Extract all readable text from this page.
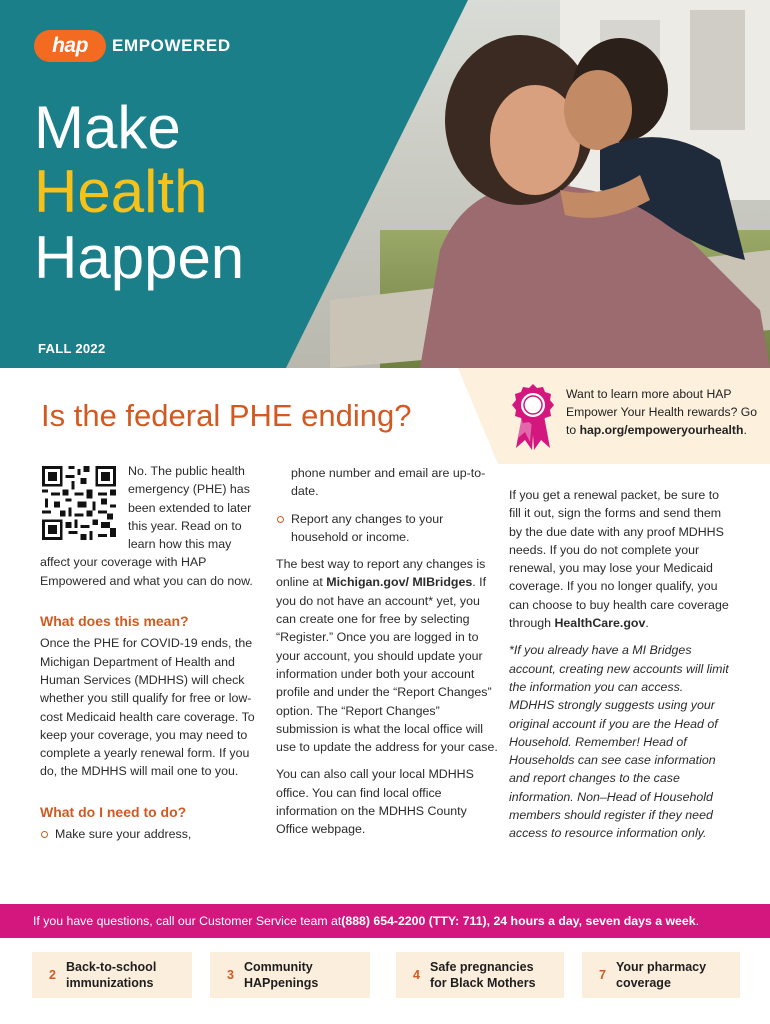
hap	EMPOWERED
Make
Health
Happen
FALL 2022
Want to learn more about HAP Empower Your Health rewards? Go to hap.org/empoweryourhealth.
Is the federal PHE ending?

No. The public health emergency (PHE) has been extended to later this year. Read on to learn how this may affect your coverage with HAP Empowered and what you can do now.

What does this mean?

Once the PHE for COVID-19 ends, the Michigan Department of Health and Human Services (MDHHS) will check whether you still qualify for free or low-cost Medicaid health care coverage. To keep your coverage, you may need to complete a yearly renewal form. If you do, the MDHHS will mail one to you.

What do I need to do?

Make sure your address,

phone number and email are up-to-date.

Report any changes to your household or income.

The best way to report any changes is online at Michigan.gov/ MIBridges. If you do not have an account* yet, you can create one for free by selecting “Register.” Once you are logged in to your account, you should update your information under both your account profile and under the “Report Changes” option. The “Report Changes” submission is what the local office will use to update the address for your case.

You can also call your local MDHHS office. You can find local office information on the MDHHS County Office webpage.

If you get a renewal packet, be sure to fill it out, sign the forms and send them by the due date with any proof MDHHS needs. If you do not complete your renewal, you may lose your Medicaid coverage. If you no longer qualify, you can choose to buy health care coverage through HealthCare.gov.

*If you already have a MI Bridges account, creating new accounts will limit the information you can access. MDHHS strongly suggests using your original account if you are the Head of Household. Remember! Head of Households can see case information and report changes to the case information. Non–Head of Household members should register if they need access to resource information only.

If you have questions, call our Customer Service team at (888) 654-2200 (TTY: 711), 24 hours a day, seven days a week .
2
Back-to-school
immunizations
3
Community
HAPpenings
4
Safe pregnancies
for Black Mothers
7
Your pharmacy
coverage
